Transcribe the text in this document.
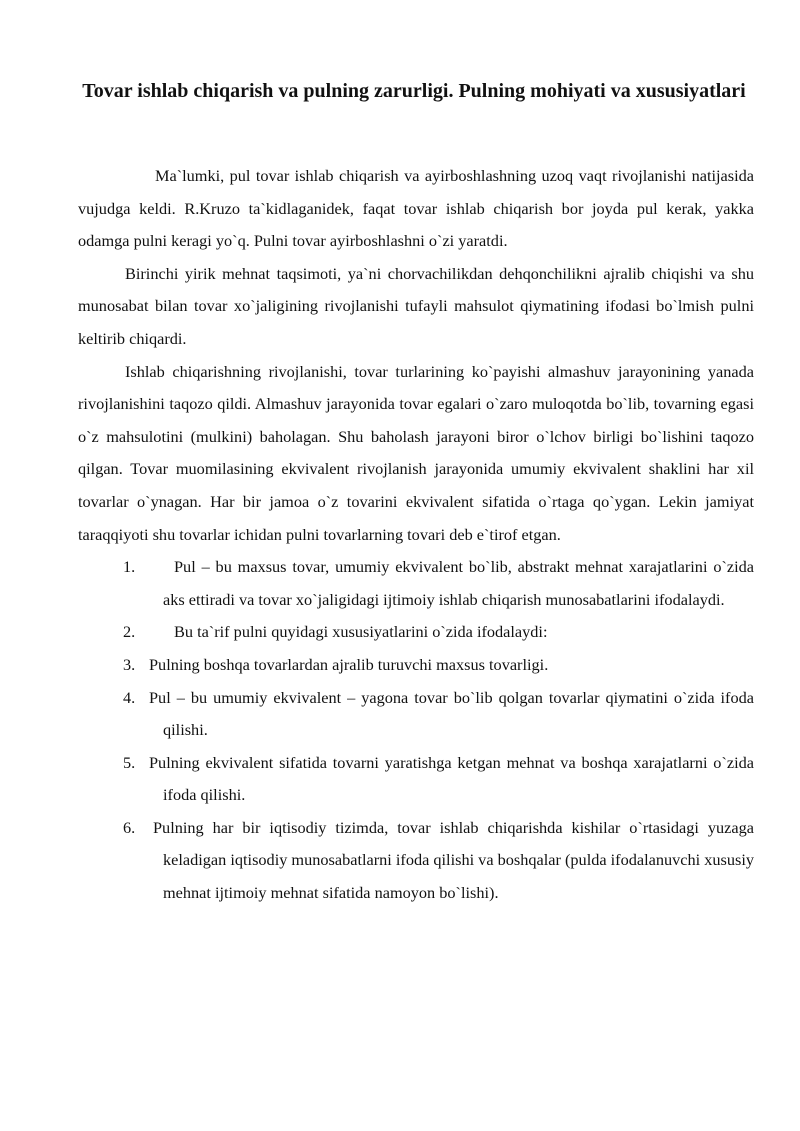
Tovar ishlab chiqarish va pulning zarurligi. Pulning mohiyati va xususiyatlari

Ma`lumki, pul tovar ishlab chiqarish va ayirboshlashning uzoq vaqt rivojlanishi natijasida vujudga keldi. R.Kruzo ta`kidlaganidek, faqat tovar ishlab chiqarish bor joyda pul kerak, yakka odamga pulni keragi yo`q. Pulni tovar ayirboshlashni o`zi yaratdi.

Birinchi yirik mehnat taqsimoti, ya`ni chorvachilikdan dehqonchilikni ajralib chiqishi va shu munosabat bilan tovar xo`jaligining rivojlanishi tufayli mahsulot qiymatining ifodasi bo`lmish pulni keltirib chiqardi.

Ishlab chiqarishning rivojlanishi, tovar turlarining ko`payishi almashuv jarayonining yanada rivojlanishini taqozo qildi. Almashuv jarayonida tovar egalari o`zaro muloqotda bo`lib, tovarning egasi o`z mahsulotini (mulkini) baholagan. Shu baholash jarayoni biror o`lchov birligi bo`lishini taqozo qilgan. Tovar muomilasining ekvivalent rivojlanish jarayonida umumiy ekvivalent shaklini har xil tovarlar o`ynagan. Har bir jamoa o`z tovarini ekvivalent sifatida o`rtaga qo`ygan. Lekin jamiyat taraqqiyoti shu tovarlar ichidan pulni tovarlarning tovari deb e`tirof etgan.

1. Pul – bu maxsus tovar, umumiy ekvivalent bo`lib, abstrakt mehnat xarajatlarini o`zida aks ettiradi va tovar xo`jaligidagi ijtimoiy ishlab chiqarish munosabatlarini ifodalaydi.
2. Bu ta`rif pulni quyidagi xususiyatlarini o`zida ifodalaydi:
3. Pulning boshqa tovarlardan ajralib turuvchi maxsus tovarligi.
4. Pul – bu umumiy ekvivalent – yagona tovar bo`lib qolgan tovarlar qiymatini o`zida ifoda qilishi.
5. Pulning ekvivalent sifatida tovarni yaratishga ketgan mehnat va boshqa xarajatlarni o`zida ifoda qilishi.
6. Pulning har bir iqtisodiy tizimda, tovar ishlab chiqarishda kishilar o`rtasidagi yuzaga keladigan iqtisodiy munosabatlarni ifoda qilishi va boshqalar (pulda ifodalanuvchi xususiy mehnat ijtimoiy mehnat sifatida namoyon bo`lishi).
